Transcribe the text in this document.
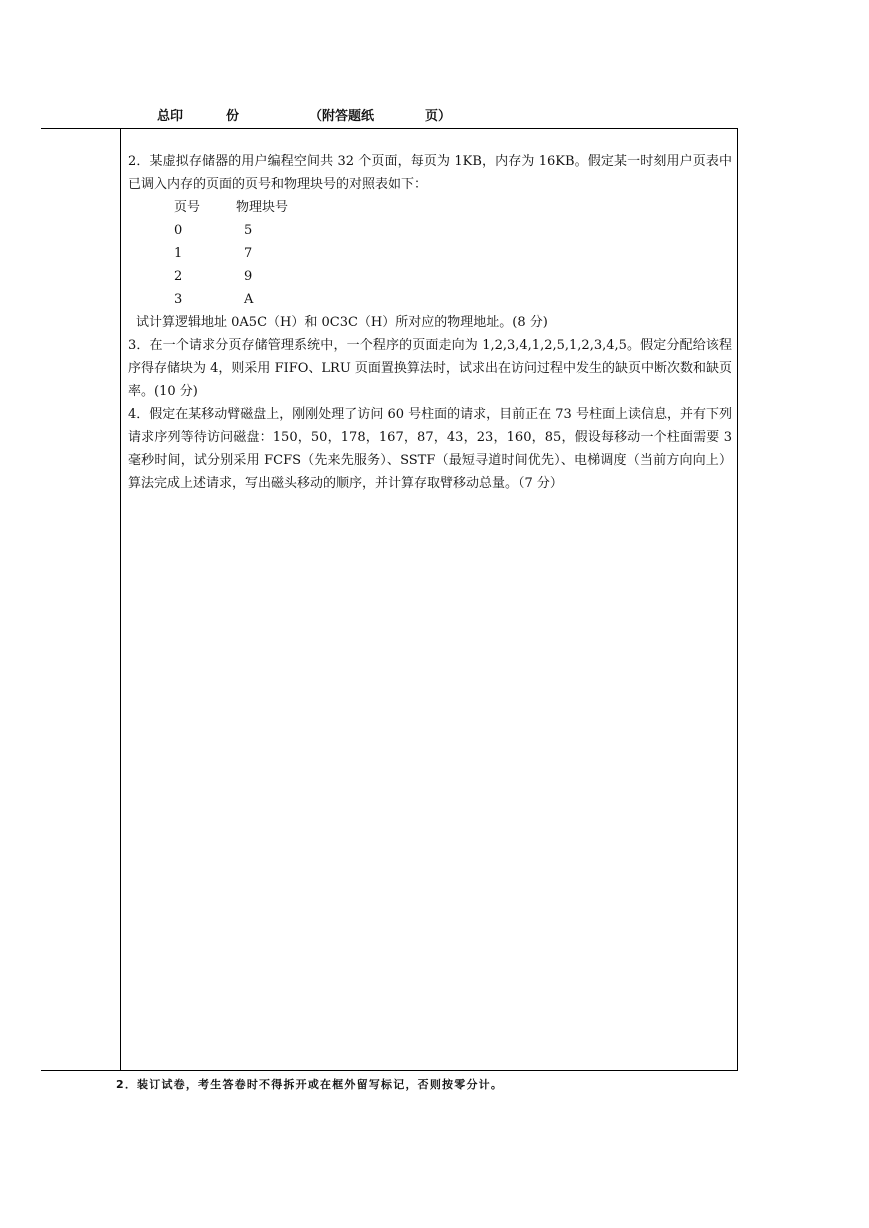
总印	份	（附答题纸	页）

2．某虚拟存储器的用户编程空间共 32 个页面，每页为 1KB，内存为 16KB。假定某一时刻用户页表中已调入内存的页面的页号和物理块号的对照表如下：

页号	物理块号
0	5
1	7
2	9
3	A

试计算逻辑地址 0A5C（H）和 0C3C（H）所对应的物理地址。(8 分)

3．在一个请求分页存储管理系统中，一个程序的页面走向为 1,2,3,4,1,2,5,1,2,3,4,5。假定分配给该程序得存储块为 4，则采用 FIFO、LRU 页面置换算法时，试求出在访问过程中发生的缺页中断次数和缺页率。(10 分)

4．假定在某移动臂磁盘上，刚刚处理了访问 60 号柱面的请求，目前正在 73 号柱面上读信息，并有下列请求序列等待访问磁盘：150，50，178，167，87，43，23，160，85，假设每移动一个柱面需要 3 毫秒时间，试分别采用 FCFS（先来先服务）、SSTF（最短寻道时间优先）、电梯调度（当前方向向上）算法完成上述请求，写出磁头移动的顺序，并计算存取臂移动总量。（7 分）

2．装订试卷，考生答卷时不得拆开或在框外留写标记，否则按零分计。
